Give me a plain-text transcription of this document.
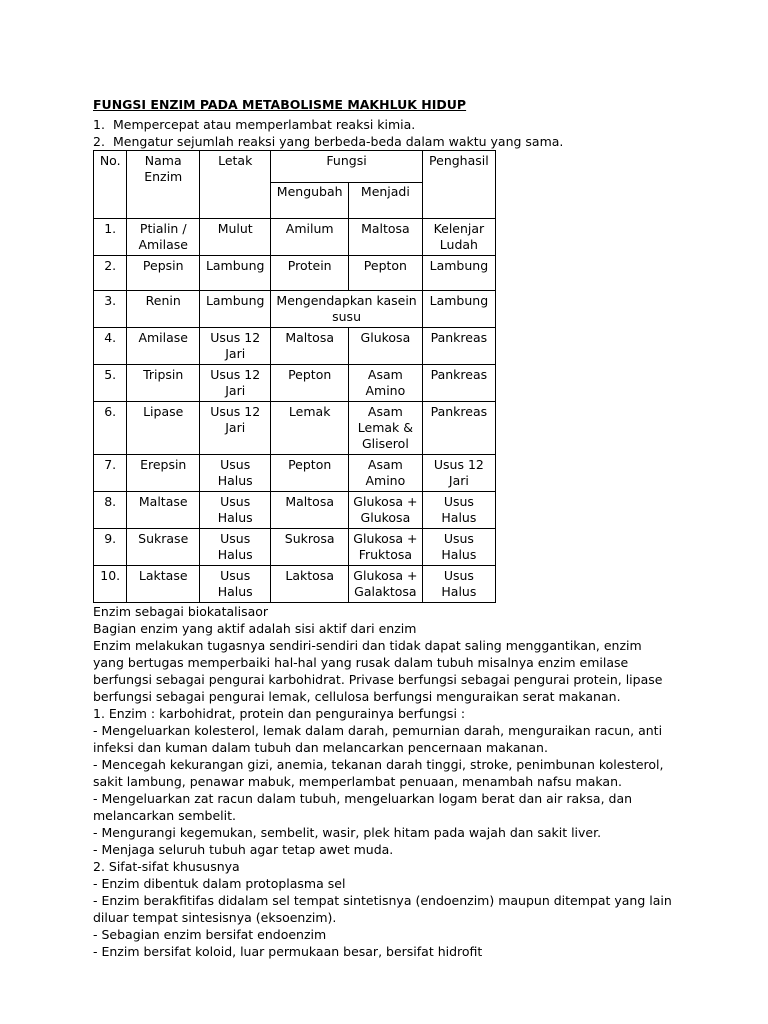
FUNGSI ENZIM PADA METABOLISME MAKHLUK HIDUP

1. Mempercepat atau memperlambat reaksi kimia.
2. Mengatur sejumlah reaksi yang berbeda-beda dalam waktu yang sama.
No.	Nama Enzim	Letak	Fungsi		Penghasil
			Mengubah	Menjadi	
1.	Ptialin / Amilase	Mulut	Amilum	Maltosa	Kelenjar Ludah
2.	Pepsin	Lambung	Protein	Pepton	Lambung
3.	Renin	Lambung	Mengendapkan kasein susu		Lambung
4.	Amilase	Usus 12 Jari	Maltosa	Glukosa	Pankreas
5.	Tripsin	Usus 12 Jari	Pepton	Asam Amino	Pankreas
6.	Lipase	Usus 12 Jari	Lemak	Asam Lemak & Gliserol	Pankreas
7.	Erepsin	Usus Halus	Pepton	Asam Amino	Usus 12 Jari
8.	Maltase	Usus Halus	Maltosa	Glukosa + Glukosa	Usus Halus
9.	Sukrase	Usus Halus	Sukrosa	Glukosa + Fruktosa	Usus Halus
10.	Laktase	Usus Halus	Laktosa	Glukosa + Galaktosa	Usus Halus

Enzim sebagai biokatalisaor

Bagian enzim yang aktif adalah sisi aktif dari enzim

Enzim melakukan tugasnya sendiri-sendiri dan tidak dapat saling menggantikan, enzim yang bertugas memperbaiki hal-hal yang rusak dalam tubuh misalnya enzim emilase berfungsi sebagai pengurai karbohidrat. Privase berfungsi sebagai pengurai protein, lipase berfungsi sebagai pengurai lemak, cellulosa berfungsi menguraikan serat makanan.

1. Enzim : karbohidrat, protein dan pengurainya berfungsi :

- Mengeluarkan kolesterol, lemak dalam darah, pemurnian darah, menguraikan racun, anti infeksi dan kuman dalam tubuh dan melancarkan pencernaan makanan.

- Mencegah kekurangan gizi, anemia, tekanan darah tinggi, stroke, penimbunan kolesterol, sakit lambung, penawar mabuk, memperlambat penuaan, menambah nafsu makan.

- Mengeluarkan zat racun dalam tubuh, mengeluarkan logam berat dan air raksa, dan melancarkan sembelit.

- Mengurangi kegemukan, sembelit, wasir, plek hitam pada wajah dan sakit liver.

- Menjaga seluruh tubuh agar tetap awet muda.

2. Sifat-sifat khususnya

- Enzim dibentuk dalam protoplasma sel

- Enzim berakfitifas didalam sel tempat sintetisnya (endoenzim) maupun ditempat yang lain diluar tempat sintesisnya (eksoenzim).

- Sebagian enzim bersifat endoenzim

- Enzim bersifat koloid, luar permukaan besar, bersifat hidrofit
